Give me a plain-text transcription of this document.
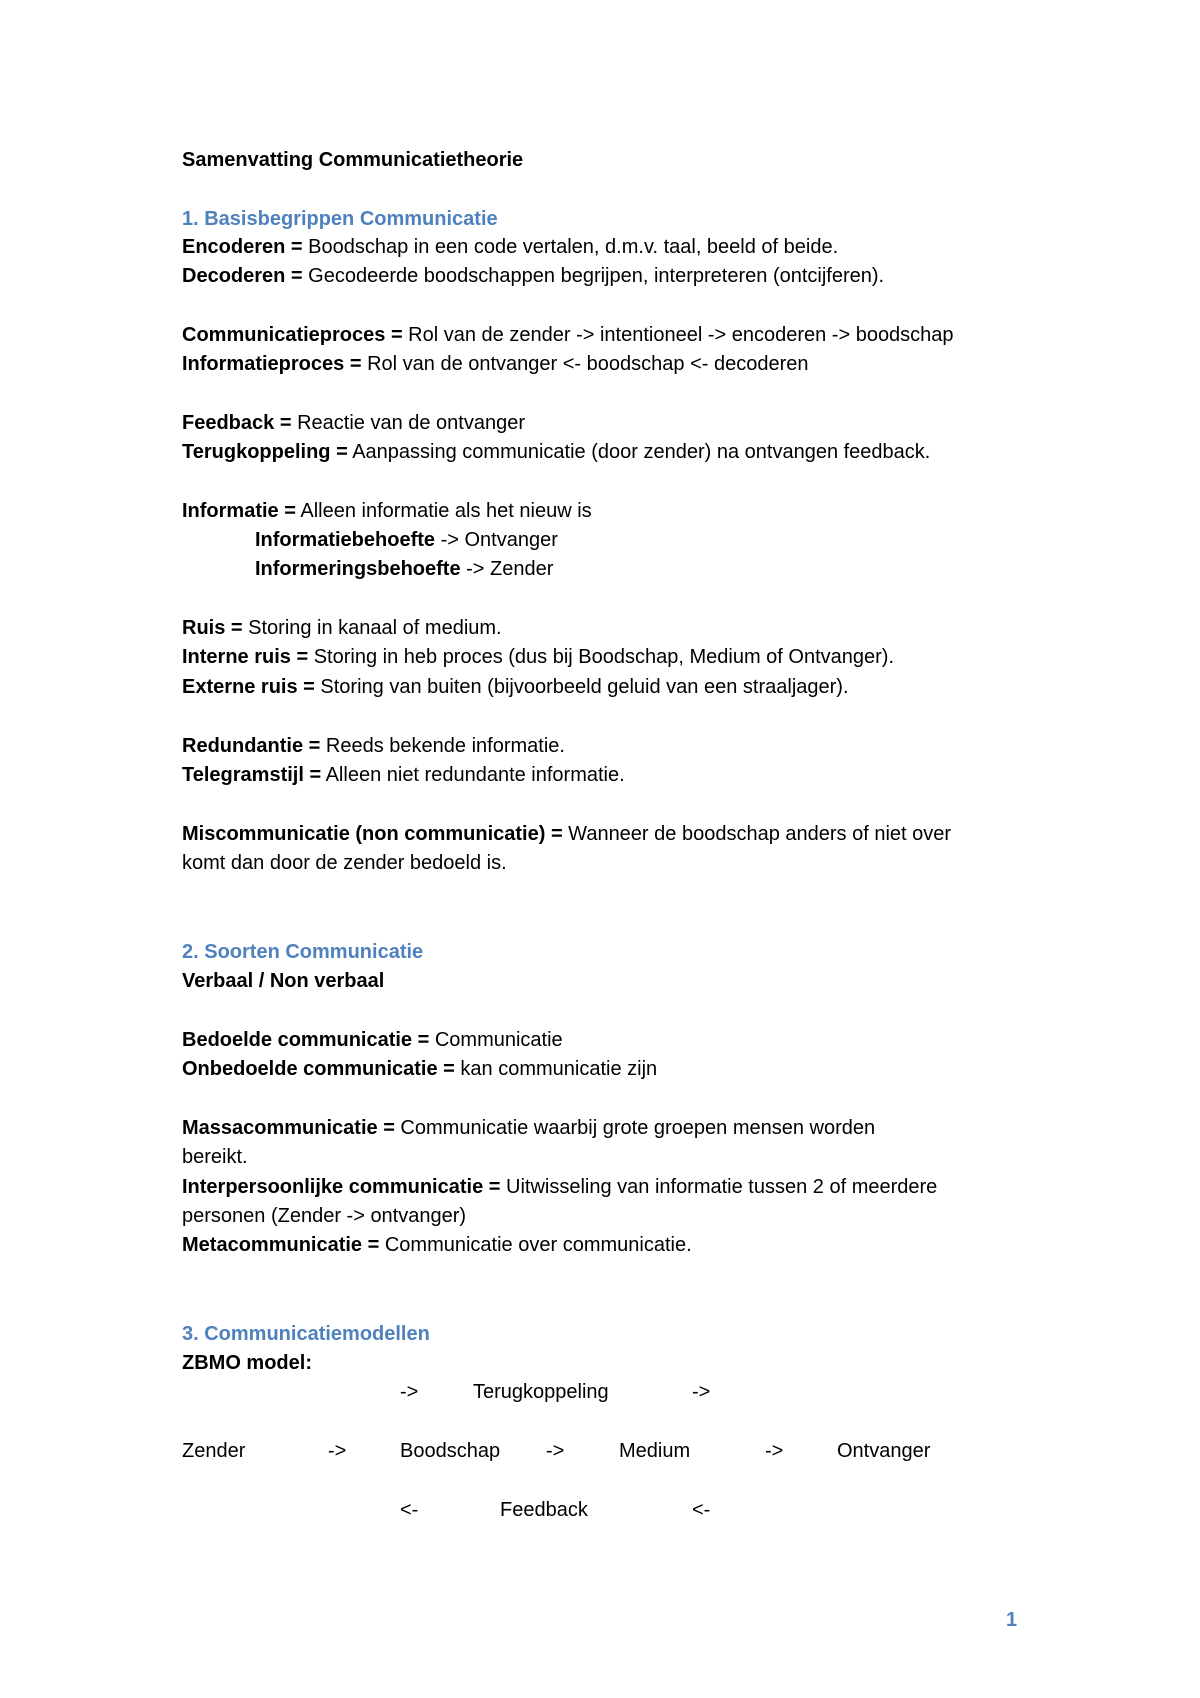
Samenvatting Communicatietheorie
1. Basisbegrippen Communicatie
Encoderen = Boodschap in een code vertalen, d.m.v. taal, beeld of beide.
Decoderen = Gecodeerde boodschappen begrijpen, interpreteren (ontcijferen).
Communicatieproces = Rol van de zender -> intentioneel -> encoderen -> boodschap
Informatieproces = Rol van de ontvanger <- boodschap <- decoderen
Feedback = Reactie van de ontvanger
Terugkoppeling = Aanpassing communicatie (door zender) na ontvangen feedback.
Informatie = Alleen informatie als het nieuw is
Informatiebehoefte -> Ontvanger
Informeringsbehoefte -> Zender
Ruis = Storing in kanaal of medium.
Interne ruis = Storing in heb proces (dus bij Boodschap, Medium of Ontvanger).
Externe ruis = Storing van buiten (bijvoorbeeld geluid van een straaljager).
Redundantie = Reeds bekende informatie.
Telegramstijl = Alleen niet redundante informatie.
Miscommunicatie (non communicatie) = Wanneer de boodschap anders of niet over
komt dan door de zender bedoeld is.
2. Soorten Communicatie
Verbaal / Non verbaal
Bedoelde communicatie = Communicatie
Onbedoelde communicatie = kan communicatie zijn
Massacommunicatie = Communicatie waarbij grote groepen mensen worden
bereikt.
Interpersoonlijke communicatie = Uitwisseling van informatie tussen 2 of meerdere
personen (Zender -> ontvanger)
Metacommunicatie = Communicatie over communicatie.
3. Communicatiemodellen
ZBMO model:
->	Terugkoppeling	->
Zender	->	Boodschap ->	Medium	->	Ontvanger
<-	Feedback	<-
1
